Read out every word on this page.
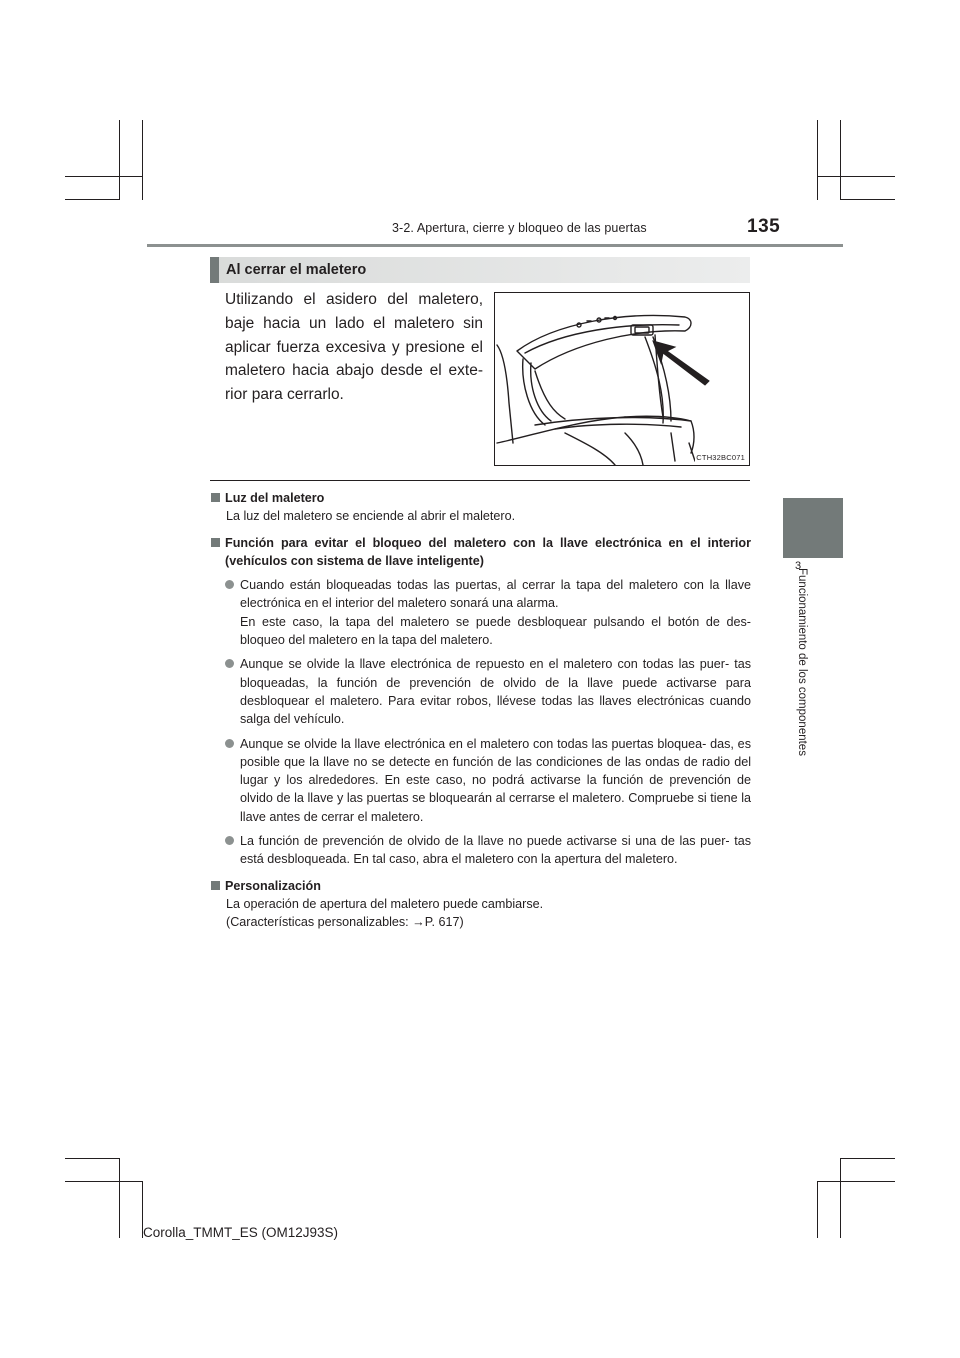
3-2. Apertura, cierre y bloqueo de las puertas	135
3
Funcionamiento de los componentes
Al cerrar el maletero
Utilizando el asidero del maletero, baje hacia un lado el maletero sin aplicar fuerza excesiva y presione el maletero hacia abajo desde el exte- rior para cerrarlo.
CTH32BC071
Luz del maletero
La luz del maletero se enciende al abrir el maletero.
Función para evitar el bloqueo del maletero con la llave electrónica en el interior (vehículos con sistema de llave inteligente)
Cuando están bloqueadas todas las puertas, al cerrar la tapa del maletero con la llave electrónica en el interior del maletero sonará una alarma.
En este caso, la tapa del maletero se puede desbloquear pulsando el botón de des- bloqueo del maletero en la tapa del maletero.
Aunque se olvide la llave electrónica de repuesto en el maletero con todas las puer- tas bloqueadas, la función de prevención de olvido de la llave puede activarse para desbloquear el maletero. Para evitar robos, llévese todas las llaves electrónicas cuando salga del vehículo.
Aunque se olvide la llave electrónica en el maletero con todas las puertas bloquea- das, es posible que la llave no se detecte en función de las condiciones de las ondas de radio del lugar y los alrededores. En este caso, no podrá activarse la función de prevención de olvido de la llave y las puertas se bloquearán al cerrarse el maletero. Compruebe si tiene la llave antes de cerrar el maletero.
La función de prevención de olvido de la llave no puede activarse si una de las puer- tas está desbloqueada. En tal caso, abra el maletero con la apertura del maletero.
Personalización
La operación de apertura del maletero puede cambiarse.
(Características personalizables: →P. 617)
Corolla_TMMT_ES (OM12J93S)
